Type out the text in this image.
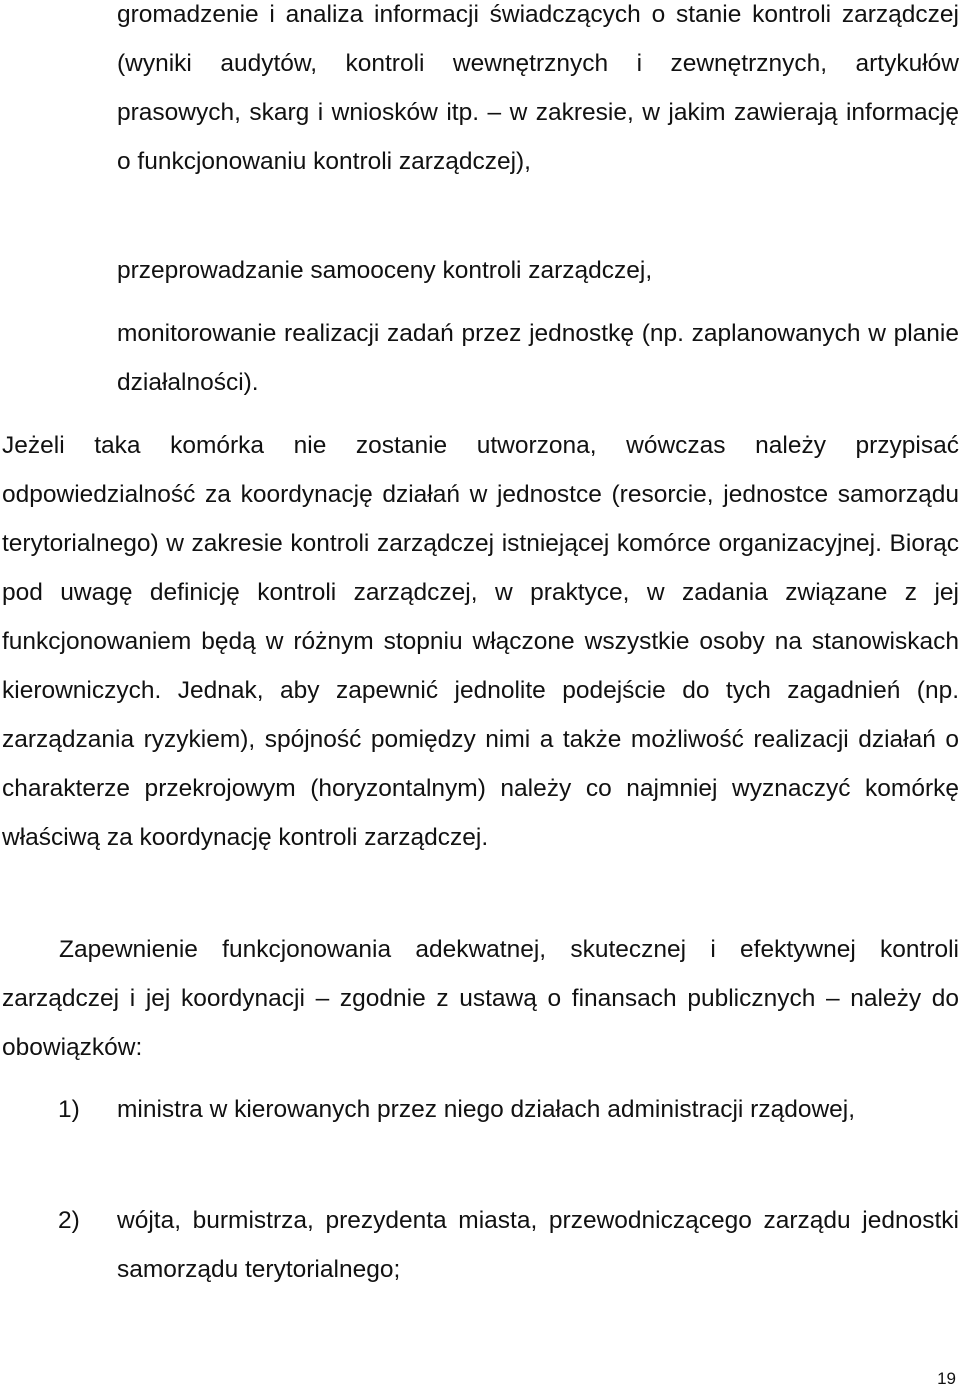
gromadzenie i analiza informacji świadczących o stanie kontroli zarządczej (wyniki audytów, kontroli wewnętrznych i zewnętrznych, artykułów prasowych, skarg i wniosków itp. – w zakresie, w jakim zawierają informację o funkcjonowaniu kontroli zarządczej),

przeprowadzanie samooceny kontroli zarządczej,

monitorowanie realizacji zadań przez jednostkę (np. zaplanowanych w planie działalności).

Jeżeli taka komórka nie zostanie utworzona, wówczas należy przypisać odpowiedzialność za koordynację działań w jednostce (resorcie, jednostce samorządu terytorialnego) w zakresie kontroli zarządczej istniejącej komórce organizacyjnej. Biorąc pod uwagę definicję kontroli zarządczej, w praktyce, w zadania związane z jej funkcjonowaniem będą w różnym stopniu włączone wszystkie osoby na stanowiskach kierowniczych. Jednak, aby zapewnić jednolite podejście do tych zagadnień (np. zarządzania ryzykiem), spójność pomiędzy nimi a także możliwość realizacji działań o charakterze przekrojowym (horyzontalnym) należy co najmniej wyznaczyć komórkę właściwą za koordynację kontroli zarządczej.

Zapewnienie funkcjonowania adekwatnej, skutecznej i efektywnej kontroli zarządczej i jej koordynacji – zgodnie z ustawą o finansach publicznych – należy do obowiązków:

1) ministra w kierowanych przez niego działach administracji rządowej,

2) wójta, burmistrza, prezydenta miasta, przewodniczącego zarządu jednostki samorządu terytorialnego;

19
